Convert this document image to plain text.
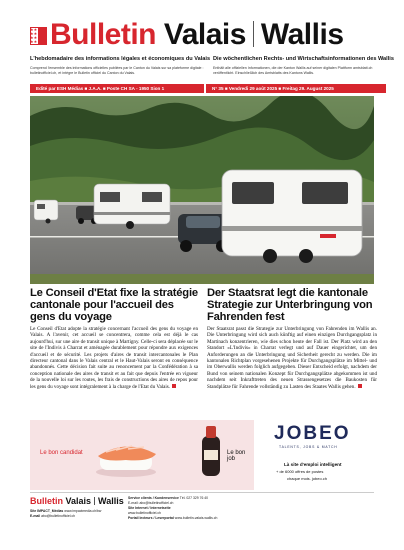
★★
★★
★★
★★ Bulletin Valais Wallis
L'hebdomadaire des informations légales et économiques du Valais Die wöchentlichen Rechts- und Wirtschaftsinformationen des Wallis
Comprend l'ensemble des informations officielles publiées par le Canton du Valais sur sa plateforme digitale : bulletinofficiel.ch, et intègre le Bulletin officiel du Canton du Valais.
Enthält alle offiziellen Informationen, die der Kanton Wallis auf seiner digitalen Plattform amtsblatt.ch veröffentlicht. Einschließlich des Amtsblatts des Kantons Wallis.
Edité par ESH Médias ■ J.A.A. ■ Poste CH SA - 1950 Sion 1	N° 35 ■ Vendredi 29 août 2025 ■ Freitag 29. August 2025
Le Conseil d'Etat fixe la stratégie cantonale pour l'accueil des gens du voyage
Der Staatsrat legt die kantonale Strategie zur Unterbringung von Fahrenden fest
Le Conseil d'Etat adopte la stratégie concernant l'accueil des gens du voyage en Valais. A l'avenir, cet accueil se concentrera, comme cela est déjà le cas aujourd'hui, sur une aire de transit unique à Martigny. Celle-ci sera déplacée sur le site de l'Indivis à Charrat et aménagée durablement pour répondre aux exigences d'accueil et de sécurité. Les projets d'aires de transit intercantonales le Plan directeur cantonal dans le Valais central et le Haut-Valais seront en conséquence abandonnés. Cette décision fait suite au renoncement par la Confédération à sa conception nationale des aires de transit et au fait que depuis l'entrée en vigueur de la nouvelle loi sur les routes, les frais de constructions des aires de repos pour les gens du voyage sont intégralement à la charge de l'Etat du Valais.
Der Staatsrat passt die Strategie zur Unterbringung von Fahrenden im Wallis an. Die Unterbringung wird sich auch künftig auf einen einzigen Durchgangsplatz in Martinach konzentrieren, wie dies schon heute der Fall ist. Der Platz wird an den Standort «L'Indivis» in Charrat verlegt und auf Dauer eingerichtet, um den Anforderungen an die Unterbringung und Sicherheit gerecht zu werden. Die im kantonalen Richtplan vorgesehenen Projekte für Durchgangsplätze im Mittel- und im Oberwallis werden folglich aufgegeben. Dieser Entscheid erfolgt, nachdem der Bund von seinem nationalen Konzept für Durchgangsplätze abgekommen ist und nachdem seit Inkrafttreten des neuen Strassengesetzes die Baukosten für Standplätze für Fahrende vollständig zu Lasten des Staates Wallis gehen.
Le bon candidat	Le bon job
JOBEO
TALENTS, JOBS & MATCH
Là site d'emploi intelligent
+ de 6000 offres de postes
chaque mois. jobeo.ch
Bulletin Valais Wallis
Site IMPACT_Médias www.impactmedia.ch/bw
E-mail abo@bulletinofficiel.ch
Service clients / Kundenservice Tél. 027 329 76 40
E-mail: abo@bulletinofficiel.ch
Site Internet / Internetseite
www.bulletinofficiel.ch
Portail lecteurs / Leserportal www.bulletin-valais-wallis.ch
